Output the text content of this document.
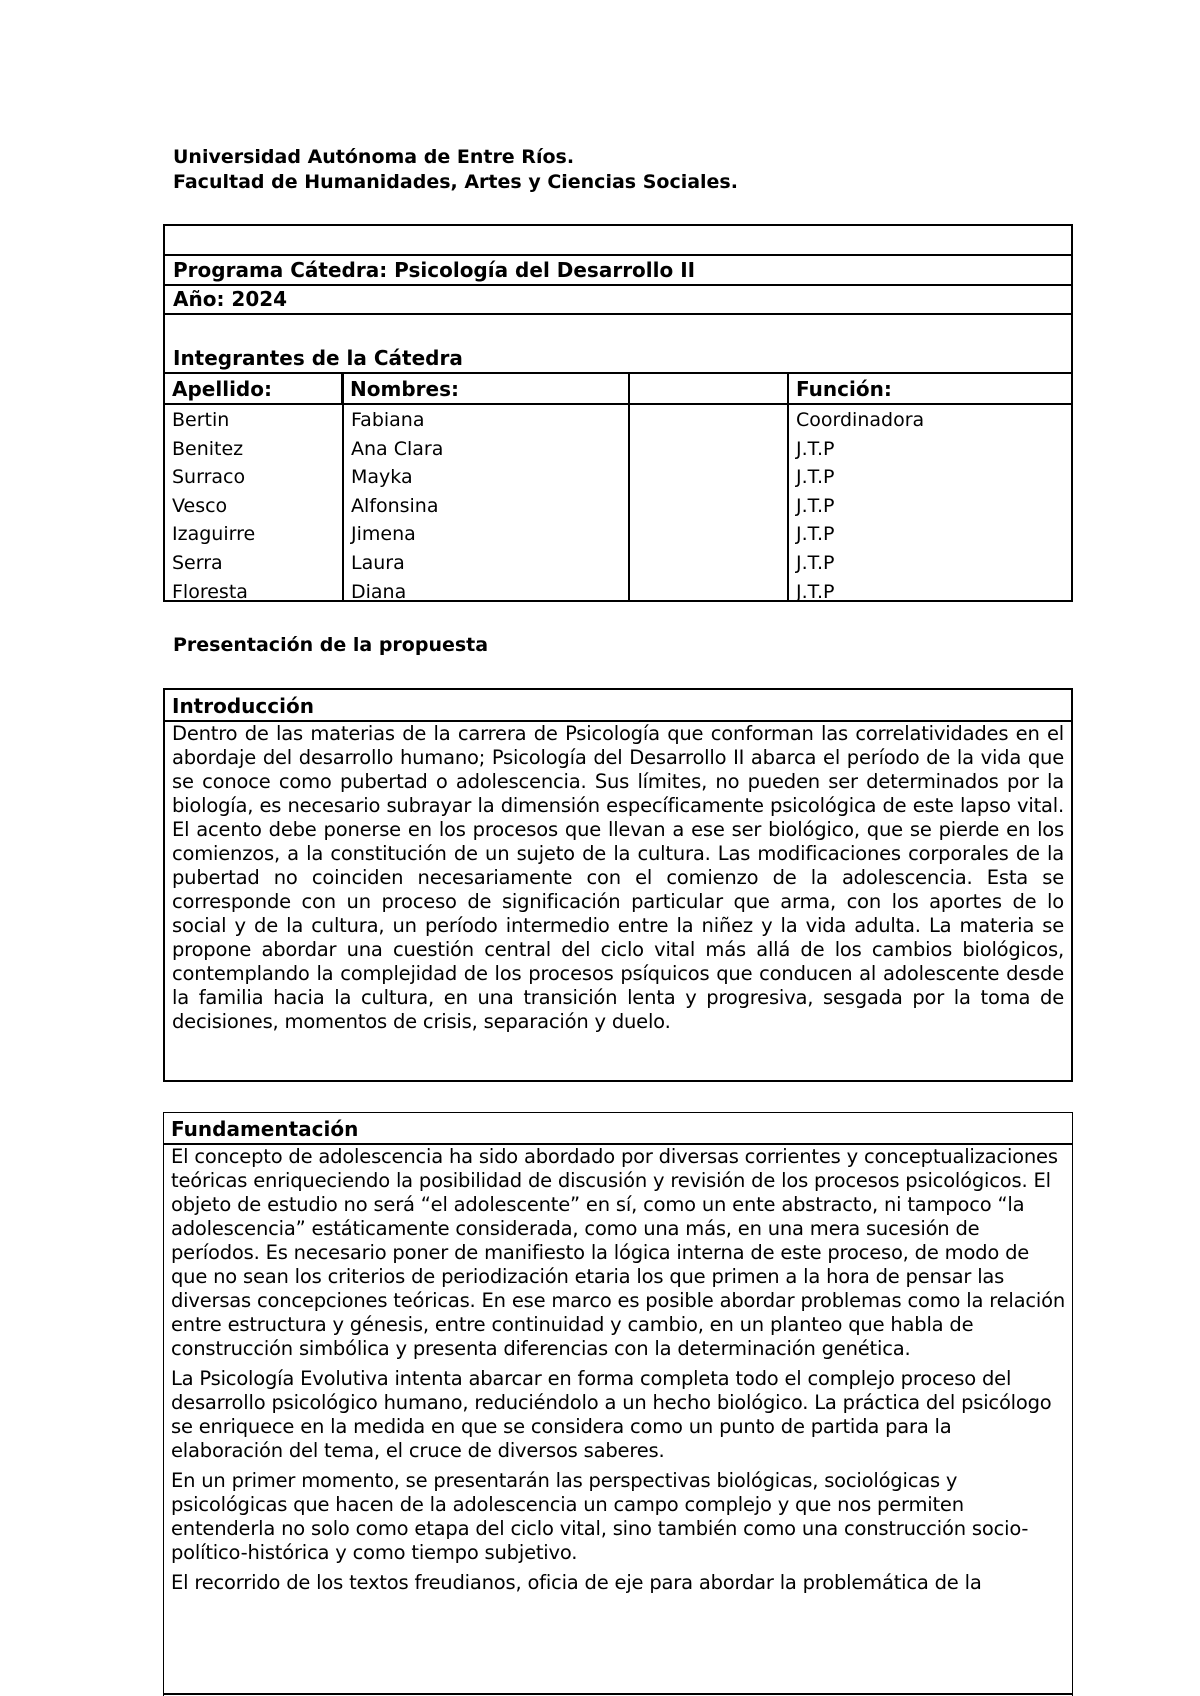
Universidad Autónoma de Entre Ríos.
Facultad de Humanidades, Artes y Ciencias Sociales.
Programa Cátedra: Psicología del Desarrollo II
Año: 2024
Integrantes de la Cátedra
Apellido:	Nombres:	Función:
Bertin
Benitez
Surraco
Vesco
Izaguirre
Serra
Floresta
Fabiana
Ana Clara
Mayka
Alfonsina
Jimena
Laura
Diana
Coordinadora
J.T.P
J.T.P
J.T.P
J.T.P
J.T.P
J.T.P
Presentación de la propuesta
Introducción
Dentro de las materias de la carrera de Psicología que conforman las correlatividades en el abordaje del desarrollo humano; Psicología del Desarrollo II abarca el período de la vida que se conoce como pubertad o adolescencia. Sus límites, no pueden ser determinados por la biología, es necesario subrayar la dimensión específicamente psicológica de este lapso vital. El acento debe ponerse en los procesos que llevan a ese ser biológico, que se pierde en los comienzos, a la constitución de un sujeto de la cultura. Las modificaciones corporales de la pubertad no coinciden necesariamente con el comienzo de la adolescencia. Esta se corresponde con un proceso de significación particular que arma, con los aportes de lo social y de la cultura, un período intermedio entre la niñez y la vida adulta. La materia se propone abordar una cuestión central del ciclo vital más allá de los cambios biológicos, contemplando la complejidad de los procesos psíquicos que conducen al adolescente desde la familia hacia la cultura, en una transición lenta y progresiva, sesgada por la toma de decisiones, momentos de crisis, separación y duelo.
Fundamentación

El concepto de adolescencia ha sido abordado por diversas corrientes y conceptualizaciones teóricas enriqueciendo la posibilidad de discusión y revisión de los procesos psicológicos. El objeto de estudio no será “el adolescente” en sí, como un ente abstracto, ni tampoco “la adolescencia” estáticamente considerada, como una más, en una mera sucesión de períodos. Es necesario poner de manifiesto la lógica interna de este proceso, de modo de que no sean los criterios de periodización etaria los que primen a la hora de pensar las diversas concepciones teóricas. En ese marco es posible abordar problemas como la relación entre estructura y génesis, entre continuidad y cambio, en un planteo que habla de construcción simbólica y presenta diferencias con la determinación genética.

La Psicología Evolutiva intenta abarcar en forma completa todo el complejo proceso del desarrollo psicológico humano, reduciéndolo a un hecho biológico. La práctica del psicólogo se enriquece en la medida en que se considera como un punto de partida para la elaboración del tema, el cruce de diversos saberes.

En un primer momento, se presentarán las perspectivas biológicas, sociológicas y psicológicas que hacen de la adolescencia un campo complejo y que nos permiten entenderla no solo como etapa del ciclo vital, sino también como una construcción socio-político-histórica y como tiempo subjetivo.

El recorrido de los textos freudianos, oficia de eje para abordar la problemática de la
